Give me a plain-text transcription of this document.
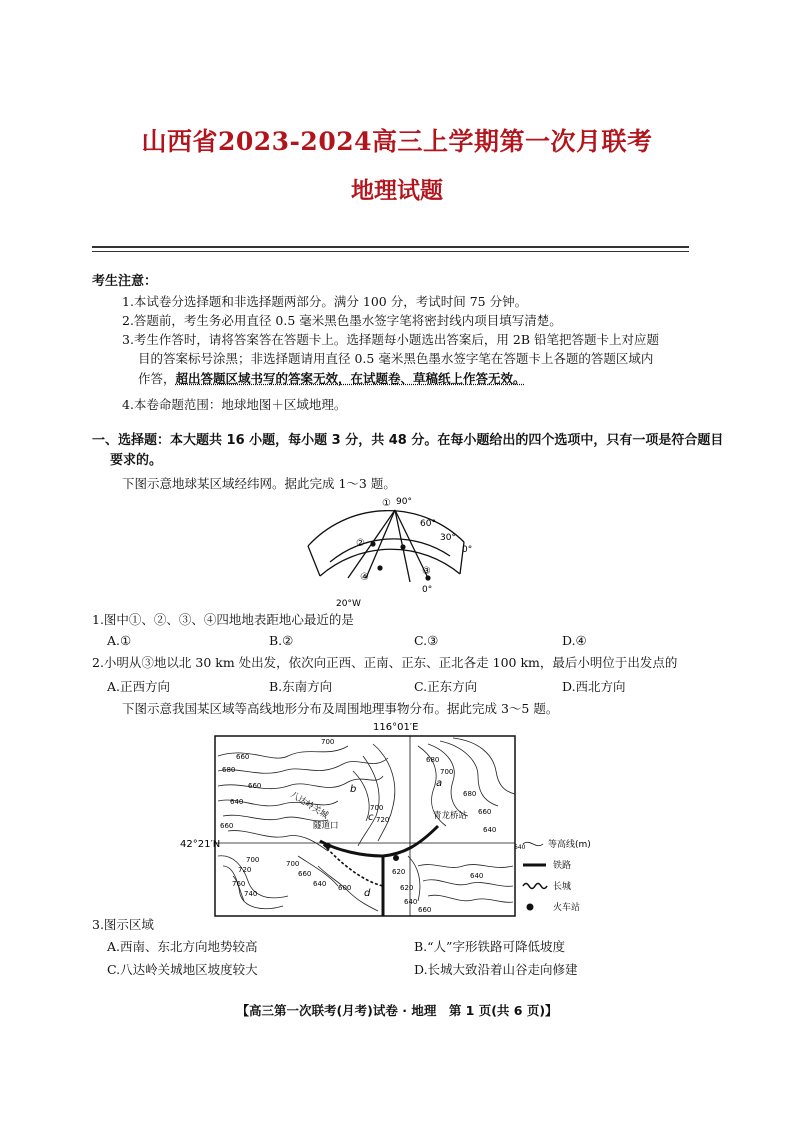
山西省2023-2024高三上学期第一次月联考
地理试题
考生注意：
1.本试卷分选择题和非选择题两部分。满分 100 分，考试时间 75 分钟。
2.答题前，考生务必用直径 0.5 毫米黑色墨水签字笔将密封线内项目填写清楚。
3.考生作答时，请将答案答在答题卡上。选择题每小题选出答案后，用 2B 铅笔把答题卡上对应题
目的答案标号涂黑；非选择题请用直径 0.5 毫米黑色墨水签字笔在答题卡上各题的答题区域内
作答，超出答题区域书写的答案无效，在试题卷、草稿纸上作答无效。
4.本卷命题范围：地球地图＋区域地理。
一、选择题：本大题共 16 小题，每小题 3 分，共 48 分。在每小题给出的四个选项中，只有一项是符合题目
要求的。
下图示意地球某区域经纬网。据此完成 1～3 题。
① 90°
60°
30°
0°
②
④
③
0°
20°W
1.图中①、②、③、④四地地表距地心最近的是
A.①	B.②	C.③	D.④
2.小明从③地以北 30 km 处出发，依次向正西、正南、正东、正北各走 100 km，最后小明位于出发点的
A.正西方向	B.东南方向	C.正东方向	D.西北方向
下图示意我国某区域等高线地形分布及周围地理事物分布。据此完成 3～5 题。
116°01′E
42°21′N
八达岭关城
隧道口
青龙桥站
b
c
a
d
700
660
680
660
640
700
720
680
700
680
660
640
660
700
720
760
740
700
660
640
620
600	620
640
660
640
640	等高线(m)
铁路
长城
火车站
3.图示区域
A.西南、东北方向地势较高	B.“人”字形铁路可降低坡度
C.八达岭关城地区坡度较大	D.长城大致沿着山谷走向修建
【高三第一次联考(月考)试卷 · 地理　第 1 页(共 6 页)】
